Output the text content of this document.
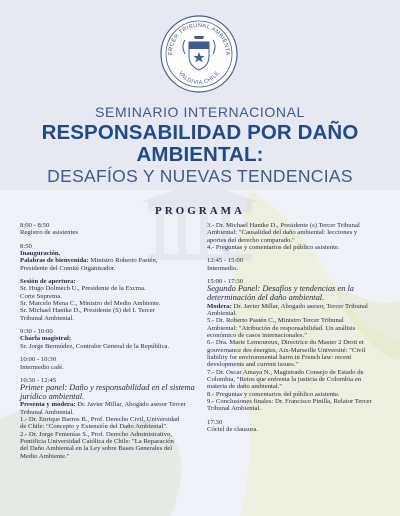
ERCER TRIBUNAL AMBIENTA
VALDIVIA CHILE
SEMINARIO INTERNACIONAL
RESPONSABILIDAD POR DAÑO AMBIENTAL:
DESAFÍOS Y NUEVAS TENDENCIAS
PROGRAMA
8:00 - 8:50
Registro de asistentes
8:50
Inauguración.
Palabras de bienvenida: Ministro Roberto Pastén,
Presidente del Comité Organizador.
Sesión de apertura:
Sr. Hugo Dolmech U., Presidente de la Excma.
Corte Suprema.
Sr. Marcelo Mena C., Ministro del Medio Ambiente.
Sr. Michael Hantke D., Presidente (S) del I. Tercer
Tribunal Ambiental.
9:30 - 10:00
Charla magistral:
Sr. Jorge Bermúdez, Contralor General de la República.
10:00 - 10:30
Intermedio café.
10:30 - 12:45
Primer panel: Daño y responsabilidad en el sistema
jurídico ambiental.
Presenta y modera: Dr. Javier Millar, Abogado asesor Tercer
Tribunal Ambiental.
1.- Dr. Enrique Barros B., Prof. Derecho Civil, Universidad
de Chile: "Concepto y Extensión del Daño Ambiental".
2.- Dr. Jorge Femenías S., Prof. Derecho Administrativo,
Pontificia Universidad Católica de Chile: "La Reparación
del Daño Ambiental en la Ley sobre Bases Generales del
Medio Ambiente."
3.- Dr. Michael Hantke D., Presidente (s) Tercer Tribunal
Ambiental: "Causalidad del daño ambiental: lecciones y
aportes del derecho comparado."
4.- Preguntas y comentarios del público asistente.
12:45 - 15:00
Intermedio.
15:00 - 17:30
Segundo Panel: Desafíos y tendencias en la
determinación del daño ambiental.
Modera: Dr. Javier Millar, Abogado asesor, Tercer Tribunal
Ambiental.
5.- Dr. Roberto Pastén C., Ministro Tercer Tribunal
Ambiental: "Atribución de responsabilidad. Un análisis
económico de casos internacionales."
6.- Dra. Marie Lemoureux, Directrice du Master 2 Droit et
gouvernance des énergies, Aix-Marseille Université: "Civil
liability for environmental harm in French law: recent
developments and current issues."
7.- Dr. Oscar Amaya N., Magistrado Consejo de Estado de
Colombia, "Retos que enfrenta la justicia de Colombia en
materia de daño ambiental."
8.- Preguntas y comentarios del público asistente.
9.- Conclusiones finales: Dr. Francisco Pinilla, Relator Tercer
Tribunal Ambiental.
17:30
Cóctel de clausura.
